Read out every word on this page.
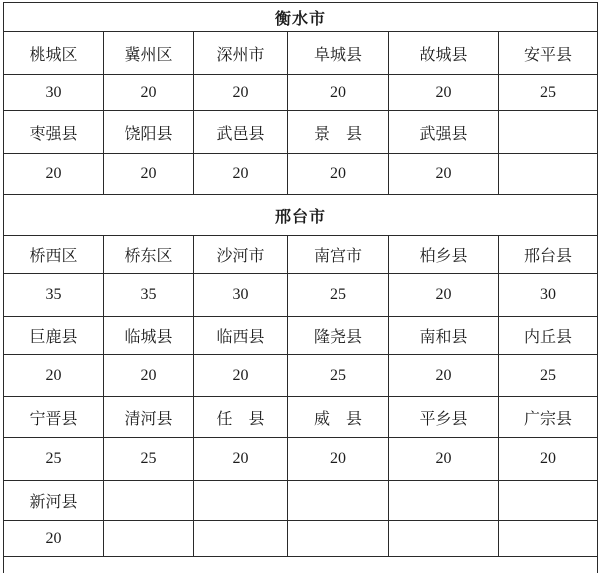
衡水市					
桃城区	冀州区	深州市	阜城县	故城县	安平县
30	20	20	20	20	25
枣强县	饶阳县	武邑县	景　县	武强县	
20	20	20	20	20	
邢台市					
桥西区	桥东区	沙河市	南宫市	柏乡县	邢台县
35	35	30	25	20	30
巨鹿县	临城县	临西县	隆尧县	南和县	内丘县
20	20	20	25	20	25
宁晋县	清河县	任　县	威　县	平乡县	广宗县
25	25	20	20	20	20
新河县					
20					
